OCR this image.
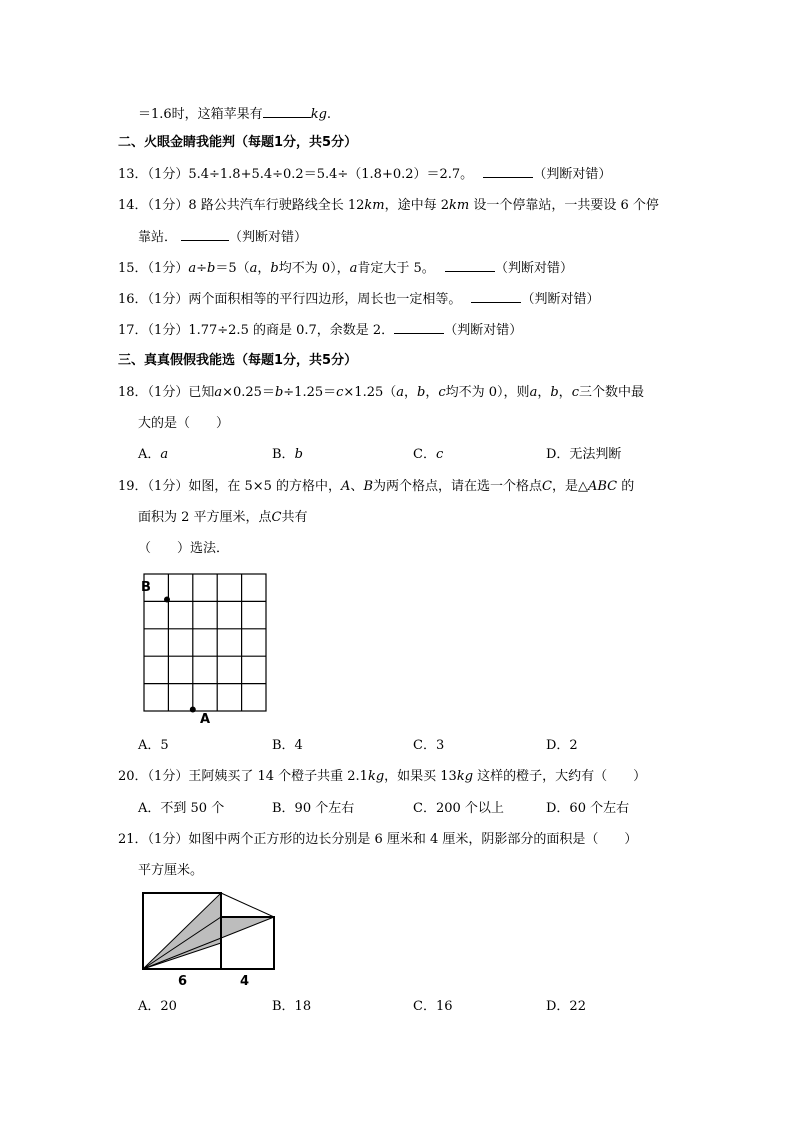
＝1.6时，这箱苹果有	kg.
二、火眼金睛我能判（每题1分，共5分）
13．（1分）5.4÷1.8+5.4÷0.2＝5.4÷（1.8+0.2）＝2.7。	（判断对错）
14．（1分）8 路公共汽车行驶路线全长 12km，途中每 2km 设一个停靠站，一共要设 6 个停
靠站．	（判断对错）
15．（1分）a÷b＝5（a，b均不为 0），a肯定大于 5。	（判断对错）
16．（1分）两个面积相等的平行四边形，周长也一定相等。	（判断对错）
17．（1分）1.77÷2.5 的商是 0.7，余数是 2．	（判断对错）
三、真真假假我能选（每题1分，共5分）
18．（1分）已知a×0.25＝b÷1.25＝c×1.25（a，b，c均不为 0），则a，b，c三个数中最
大的是（　　）
A．a	B．b	C．c	D．无法判断
19．（1分）如图，在 5×5 的方格中，A、B为两个格点，请在选一个格点C，是△ABC 的
面积为 2 平方厘米，点C共有
（　　）选法．
B
A
A．5	B．4	C．3	D．2
20．（1分）王阿姨买了 14 个橙子共重 2.1kg，如果买 13kg 这样的橙子，大约有（　　）
A．不到 50 个	B．90 个左右	C．200 个以上	D．60 个左右
21．（1分）如图中两个正方形的边长分别是 6 厘米和 4 厘米，阴影部分的面积是（　　）
平方厘米。
6	4
A．20	B．18	C．16	D．22
